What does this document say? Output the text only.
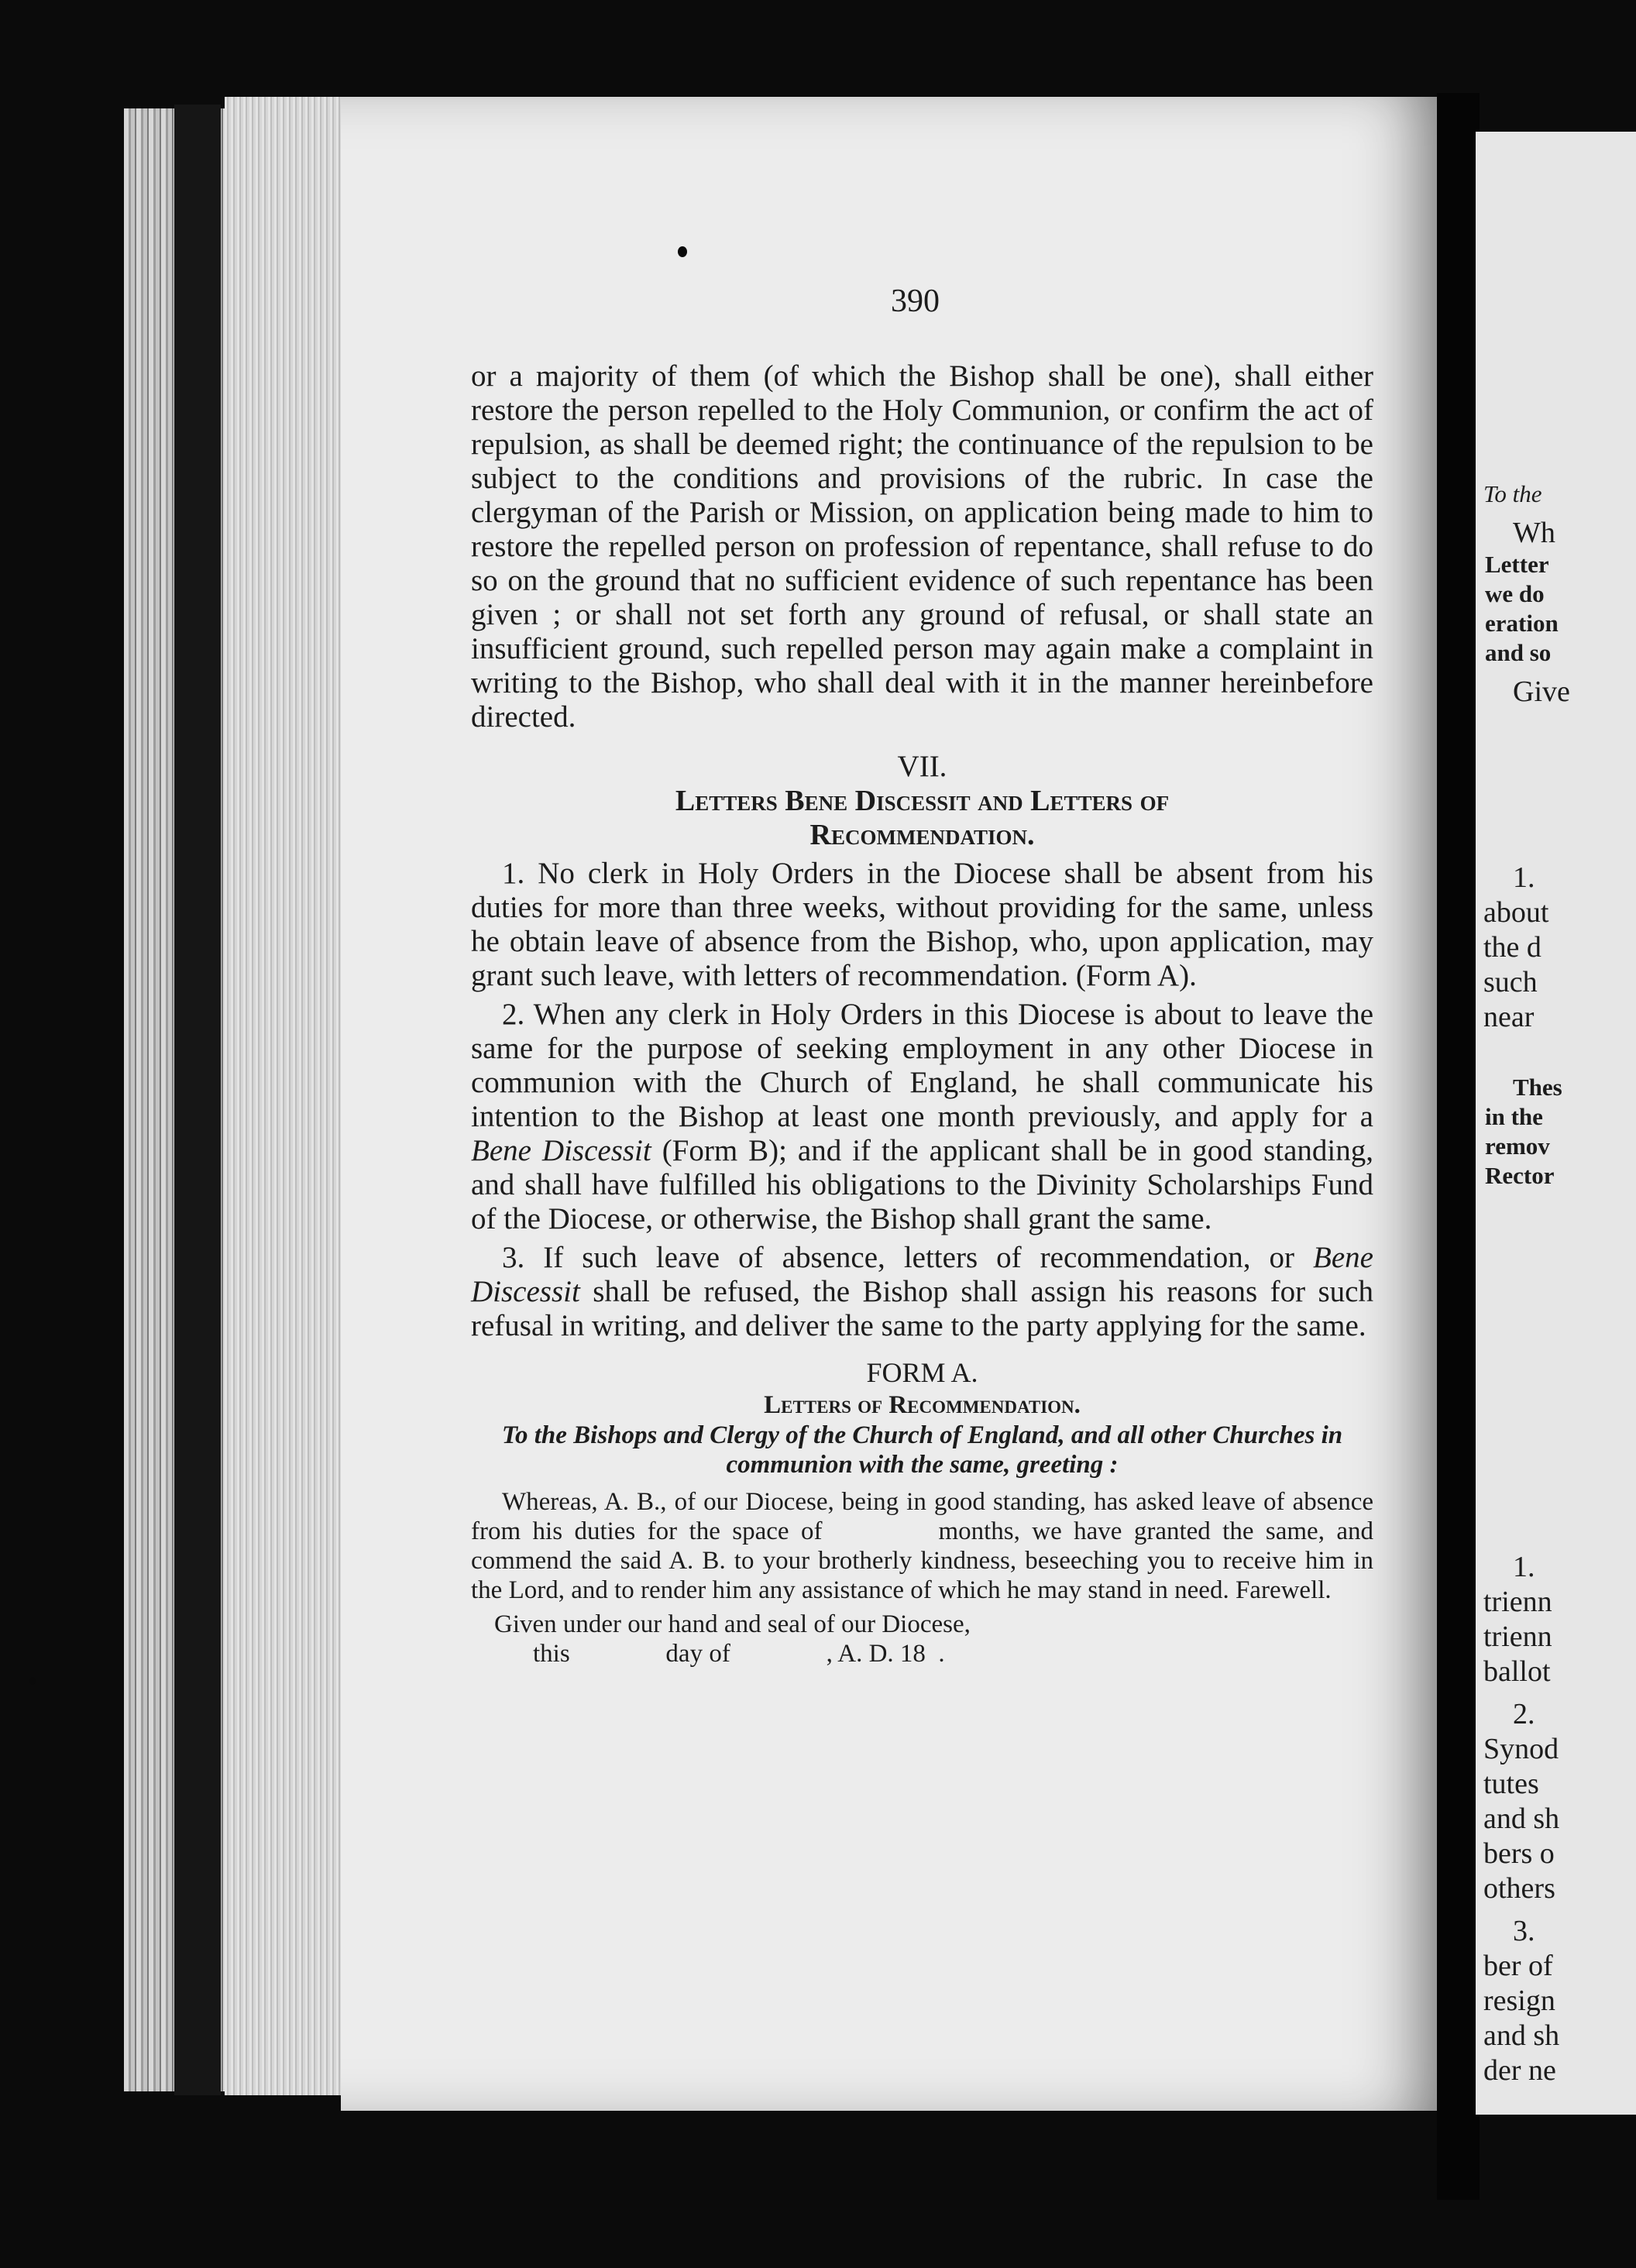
390

or a majority of them (of which the Bishop shall be one), shall either restore the person repelled to the Holy Communion, or confirm the act of repulsion, as shall be deemed right; the continuance of the repulsion to be subject to the conditions and provisions of the rubric. In case the clergyman of the Parish or Mission, on application being made to him to restore the repelled person on profession of repentance, shall refuse to do so on the ground that no sufficient evidence of such repentance has been given ; or shall not set forth any ground of refusal, or shall state an insufficient ground, such repelled person may again make a complaint in writing to the Bishop, who shall deal with it in the manner hereinbefore directed.

VII.

Letters Bene Discessit and Letters of

Recommendation.

1. No clerk in Holy Orders in the Diocese shall be absent from his duties for more than three weeks, without providing for the same, unless he obtain leave of absence from the Bishop, who, upon application, may grant such leave, with letters of recommendation. (Form A).

2. When any clerk in Holy Orders in this Diocese is about to leave the same for the purpose of seeking employment in any other Diocese in communion with the Church of England, he shall communicate his intention to the Bishop at least one month previously, and apply for a Bene Discessit (Form B); and if the applicant shall be in good standing, and shall have fulfilled his obligations to the Divinity Scholarships Fund of the Diocese, or otherwise, the Bishop shall grant the same.

3. If such leave of absence, letters of recommendation, or Bene Discessit shall be refused, the Bishop shall assign his reasons for such refusal in writing, and deliver the same to the party applying for the same.

FORM A.

Letters of Recommendation.

To the Bishops and Clergy of the Church of England, and all other Churches in communion with the same, greeting :

Whereas, A. B., of our Diocese, being in good standing, has asked leave of absence from his duties for the space of	months, we have granted the same, and commend the said A. B. to your brotherly kindness, beseeching you to receive him in the Lord, and to render him any assistance of which he may stand in need. Farewell.

Given under our hand and seal of our Diocese,

this               day of               , A. D. 18  .

To the
Wh
Letter
we do
eration
and so
Give
1.
about
the d
such
near
Thes
in the
remov
Rector
1.
trienn
trienn
ballot
2.
Synod
tutes
and sh
bers o
others
3.
ber of
resign
and sh
der ne
